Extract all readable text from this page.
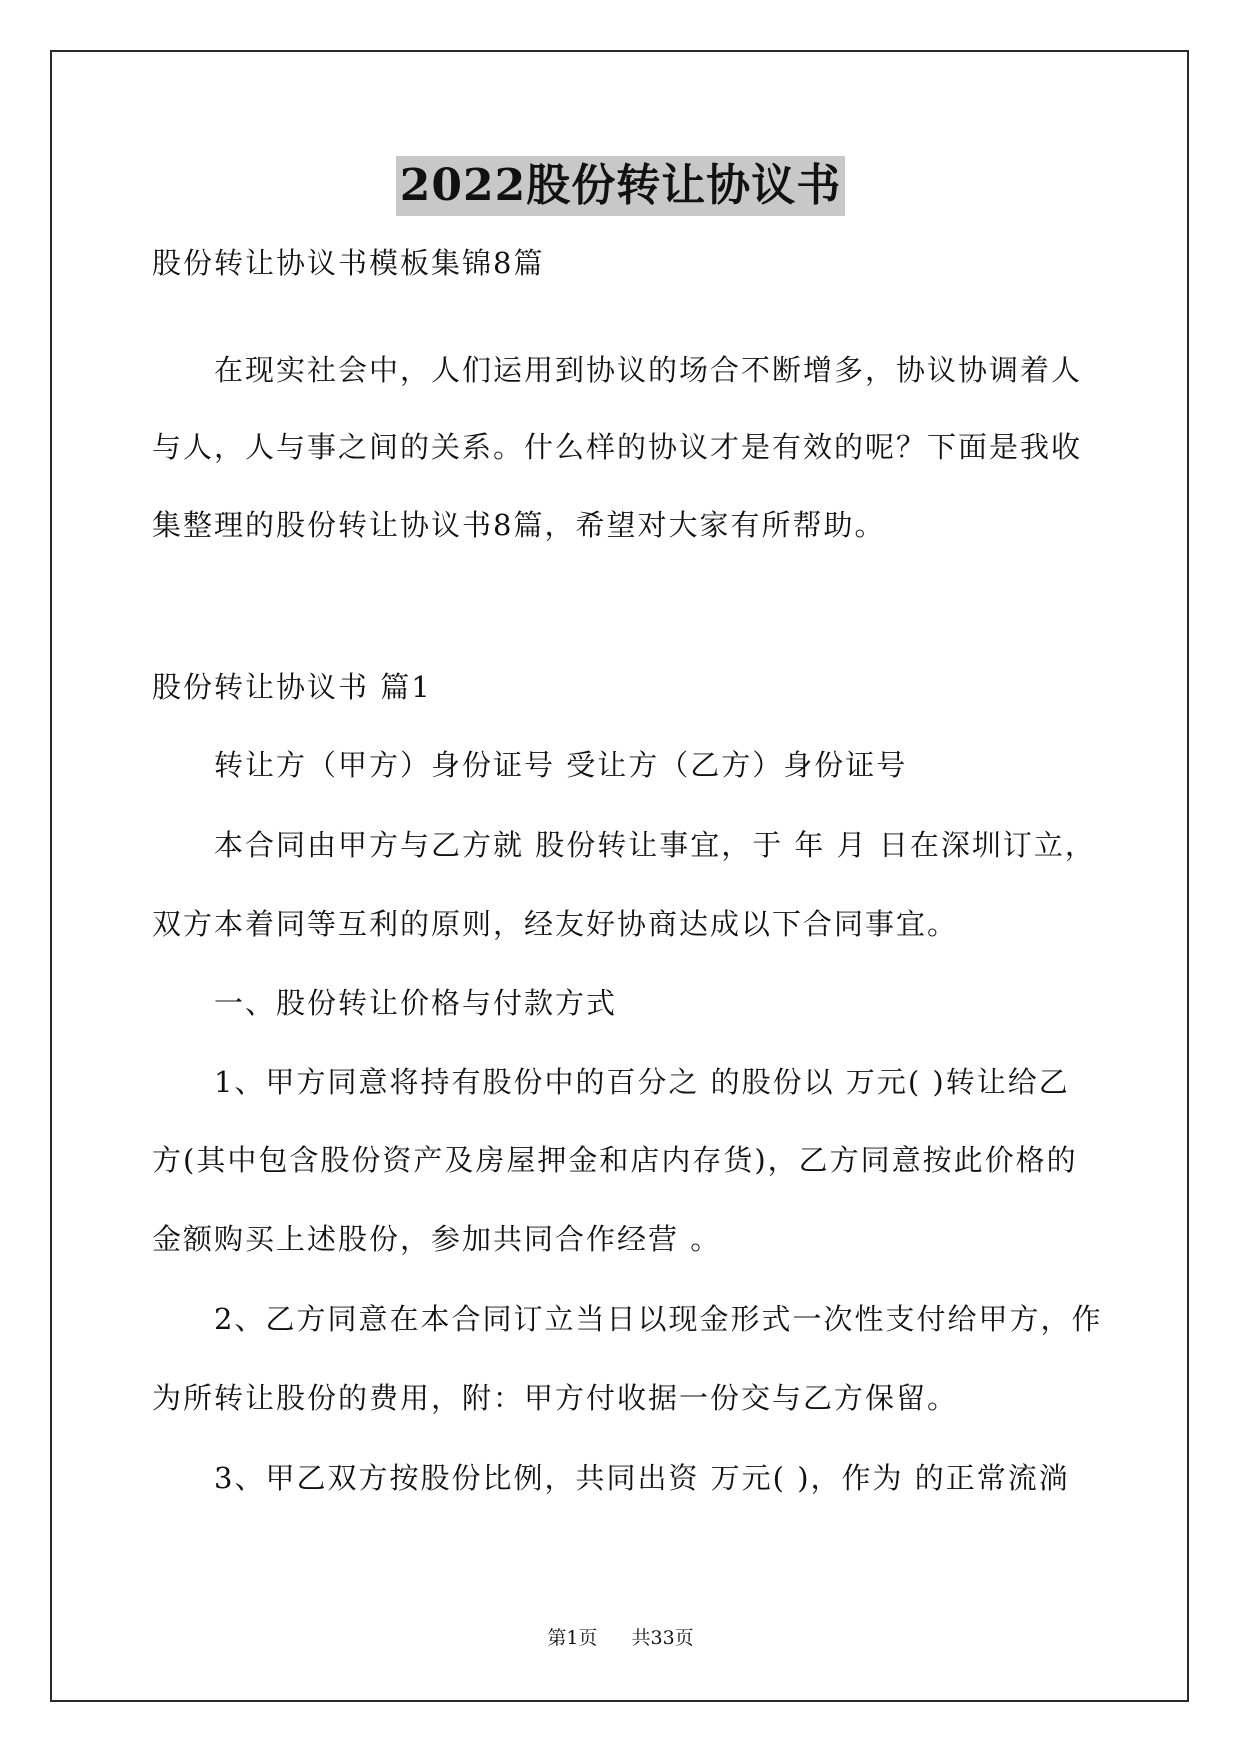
2022股份转让协议书
股份转让协议书模板集锦8篇
在现实社会中，人们运用到协议的场合不断增多，协议协调着人
与人，人与事之间的关系。什么样的协议才是有效的呢？下面是我收
集整理的股份转让协议书8篇，希望对大家有所帮助。
股份转让协议书 篇1
转让方（甲方）身份证号 受让方（乙方）身份证号
本合同由甲方与乙方就 股份转让事宜，于 年 月 日在深圳订立，
双方本着同等互利的原则，经友好协商达成以下合同事宜。
一、股份转让价格与付款方式
1、甲方同意将持有股份中的百分之 的股份以 万元( )转让给乙
方(其中包含股份资产及房屋押金和店内存货)，乙方同意按此价格的
金额购买上述股份，参加共同合作经营 。
2、乙方同意在本合同订立当日以现金形式一次性支付给甲方，作
为所转让股份的费用，附：甲方付收据一份交与乙方保留。
3、甲乙双方按股份比例，共同出资 万元( )，作为 的正常流淌
第1页 共33页
